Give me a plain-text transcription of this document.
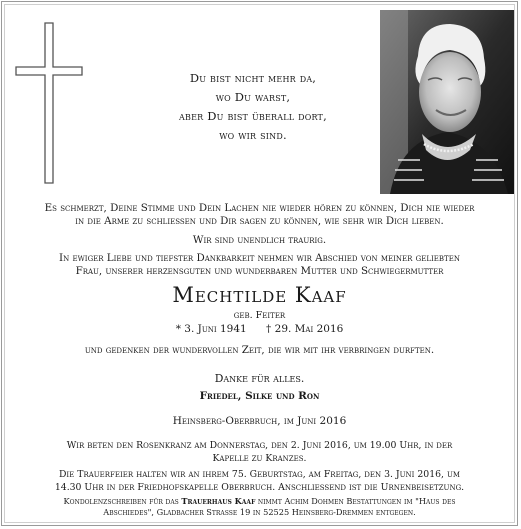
Du bist nicht mehr da,
wo Du warst,
aber Du bist überall dort,
wo wir sind.
Es schmerzt, Deine Stimme und Dein Lachen nie wieder hören zu können, Dich nie wieder
in die Arme zu schliessen und Dir sagen zu können, wie sehr wir Dich lieben.
Wir sind unendlich traurig.
In ewiger Liebe und tiefster Dankbarkeit nehmen wir Abschied von meiner geliebten
Frau, unserer herzensguten und wunderbaren Mutter und Schwiegermutter
Mechtilde Kaaf
geb. Feiter
* 3. Juni 1941 † 29. Mai 2016
und gedenken der wundervollen Zeit, die wir mit ihr verbringen durften.
Danke für alles.
Friedel, Silke und Ron
Heinsberg-Oberbruch, im Juni 2016
Wir beten den Rosenkranz am Donnerstag, den 2. Juni 2016, um 19.00 Uhr, in der
Kapelle zu Kranzes.
Die Trauerfeier halten wir an ihrem 75. Geburtstag, am Freitag, den 3. Juni 2016, um
14.30 Uhr in der Friedhofskapelle Oberbruch. Anschliessend ist die Urnenbeisetzung.
Kondolenzschreiben für das Trauerhaus Kaaf nimmt Achim Dohmen Bestattungen im "Haus des
Abschiedes", Gladbacher Strasse 19 in 52525 Heinsberg-Dremmen entgegen.
